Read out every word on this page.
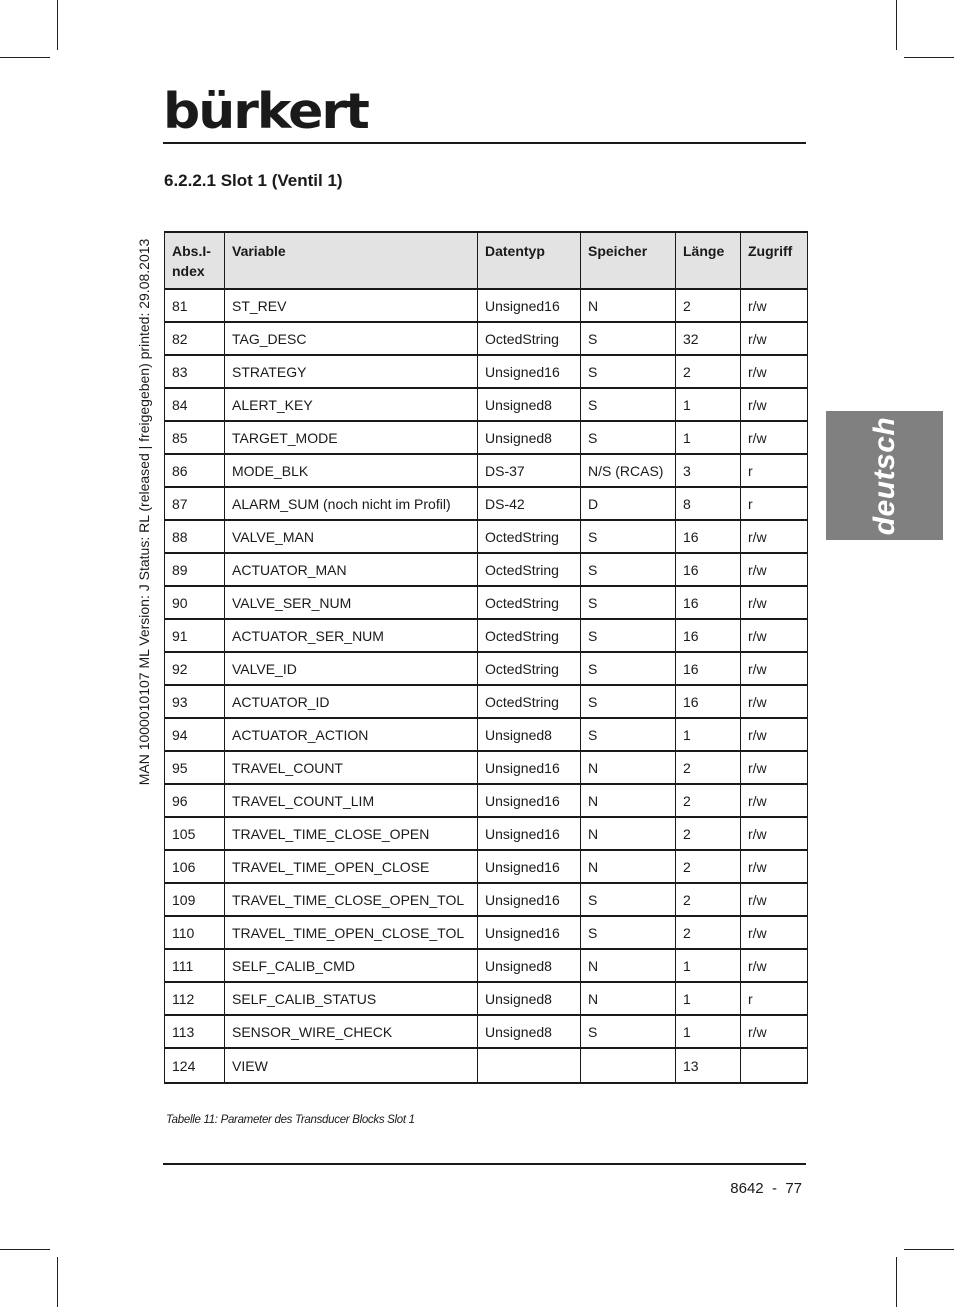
bürkert
6.2.2.1 Slot 1 (Ventil 1)
MAN 1000010107 ML Version: J Status: RL (released | freigegeben) printed: 29.08.2013	deutsch
Abs.I-
ndex	Variable	Datentyp	Speicher	Länge	Zugriff
81	ST_REV	Unsigned16	N	2	r/w
82	TAG_DESC	OctedString	S	32	r/w
83	STRATEGY	Unsigned16	S	2	r/w
84	ALERT_KEY	Unsigned8	S	1	r/w
85	TARGET_MODE	Unsigned8	S	1	r/w
86	MODE_BLK	DS-37	N/S (RCAS)	3	r
87	ALARM_SUM (noch nicht im Profil)	DS-42	D	8	r
88	VALVE_MAN	OctedString	S	16	r/w
89	ACTUATOR_MAN	OctedString	S	16	r/w
90	VALVE_SER_NUM	OctedString	S	16	r/w
91	ACTUATOR_SER_NUM	OctedString	S	16	r/w
92	VALVE_ID	OctedString	S	16	r/w
93	ACTUATOR_ID	OctedString	S	16	r/w
94	ACTUATOR_ACTION	Unsigned8	S	1	r/w
95	TRAVEL_COUNT	Unsigned16	N	2	r/w
96	TRAVEL_COUNT_LIM	Unsigned16	N	2	r/w
105	TRAVEL_TIME_CLOSE_OPEN	Unsigned16	N	2	r/w
106	TRAVEL_TIME_OPEN_CLOSE	Unsigned16	N	2	r/w
109	TRAVEL_TIME_CLOSE_OPEN_TOL	Unsigned16	S	2	r/w
110	TRAVEL_TIME_OPEN_CLOSE_TOL	Unsigned16	S	2	r/w
111	SELF_CALIB_CMD	Unsigned8	N	1	r/w
112	SELF_CALIB_STATUS	Unsigned8	N	1	r
113	SENSOR_WIRE_CHECK	Unsigned8	S	1	r/w
124	VIEW			13	
Tabelle 11: Parameter des Transducer Blocks Slot 1
8642  -  77
